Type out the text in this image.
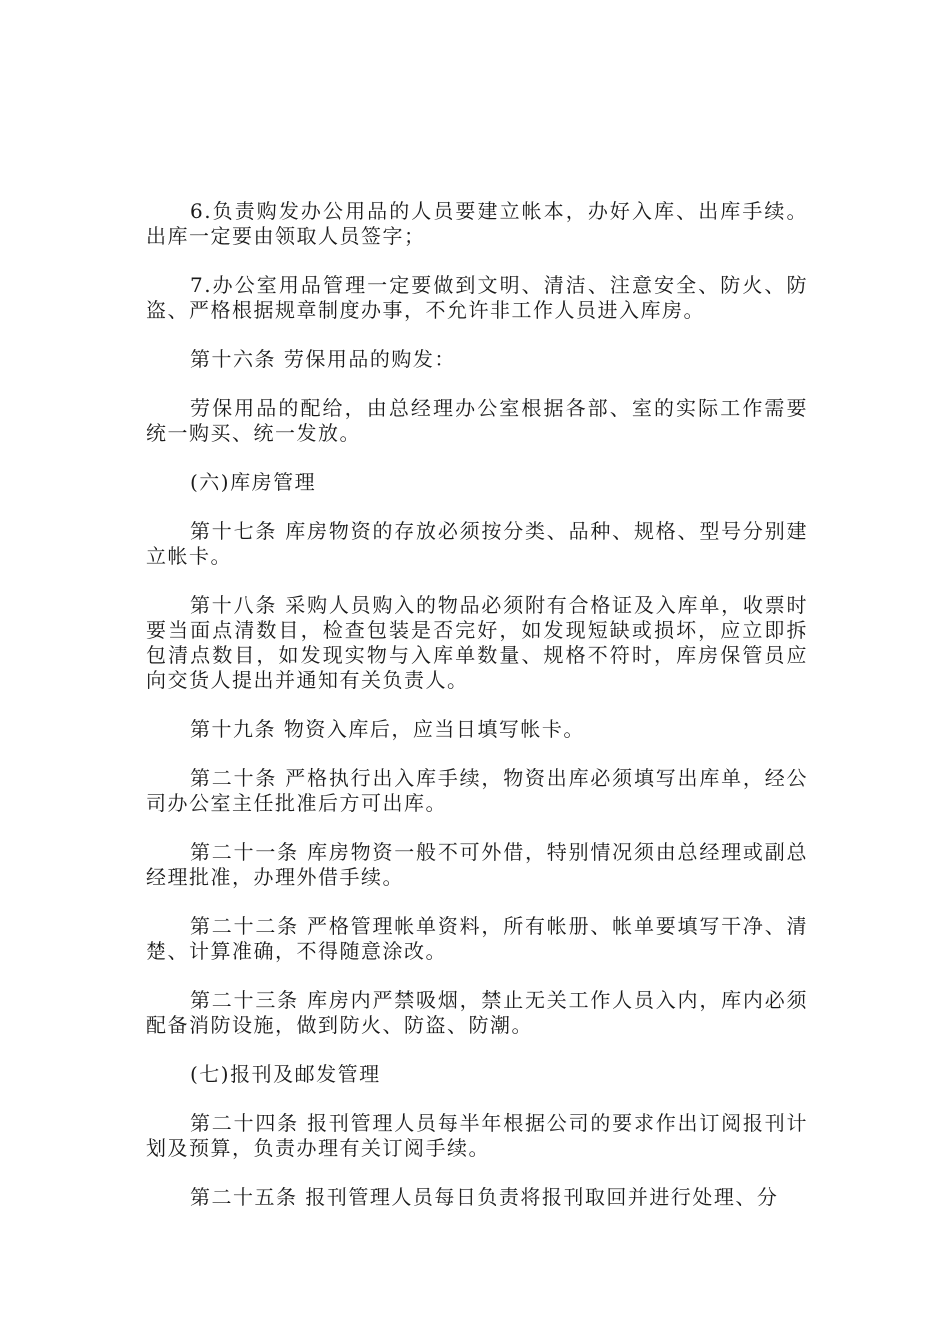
6.负责购发办公用品的人员要建立帐本，办好入库、出库手续。出库一定要由领取人员签字；

7.办公室用品管理一定要做到文明、清洁、注意安全、防火、防盗、严格根据规章制度办事，不允许非工作人员进入库房。

第十六条 劳保用品的购发：

劳保用品的配给，由总经理办公室根据各部、室的实际工作需要统一购买、统一发放。

(六)库房管理

第十七条 库房物资的存放必须按分类、品种、规格、型号分别建立帐卡。

第十八条 采购人员购入的物品必须附有合格证及入库单，收票时要当面点清数目，检查包装是否完好，如发现短缺或损坏，应立即拆包清点数目，如发现实物与入库单数量、规格不符时，库房保管员应向交货人提出并通知有关负责人。

第十九条 物资入库后，应当日填写帐卡。

第二十条 严格执行出入库手续，物资出库必须填写出库单，经公司办公室主任批准后方可出库。

第二十一条 库房物资一般不可外借，特别情况须由总经理或副总经理批准，办理外借手续。

第二十二条 严格管理帐单资料，所有帐册、帐单要填写干净、清楚、计算准确，不得随意涂改。

第二十三条 库房内严禁吸烟，禁止无关工作人员入内，库内必须配备消防设施，做到防火、防盗、防潮。

(七)报刊及邮发管理

第二十四条 报刊管理人员每半年根据公司的要求作出订阅报刊计划及预算，负责办理有关订阅手续。

第二十五条 报刊管理人员每日负责将报刊取回并进行处理、分
